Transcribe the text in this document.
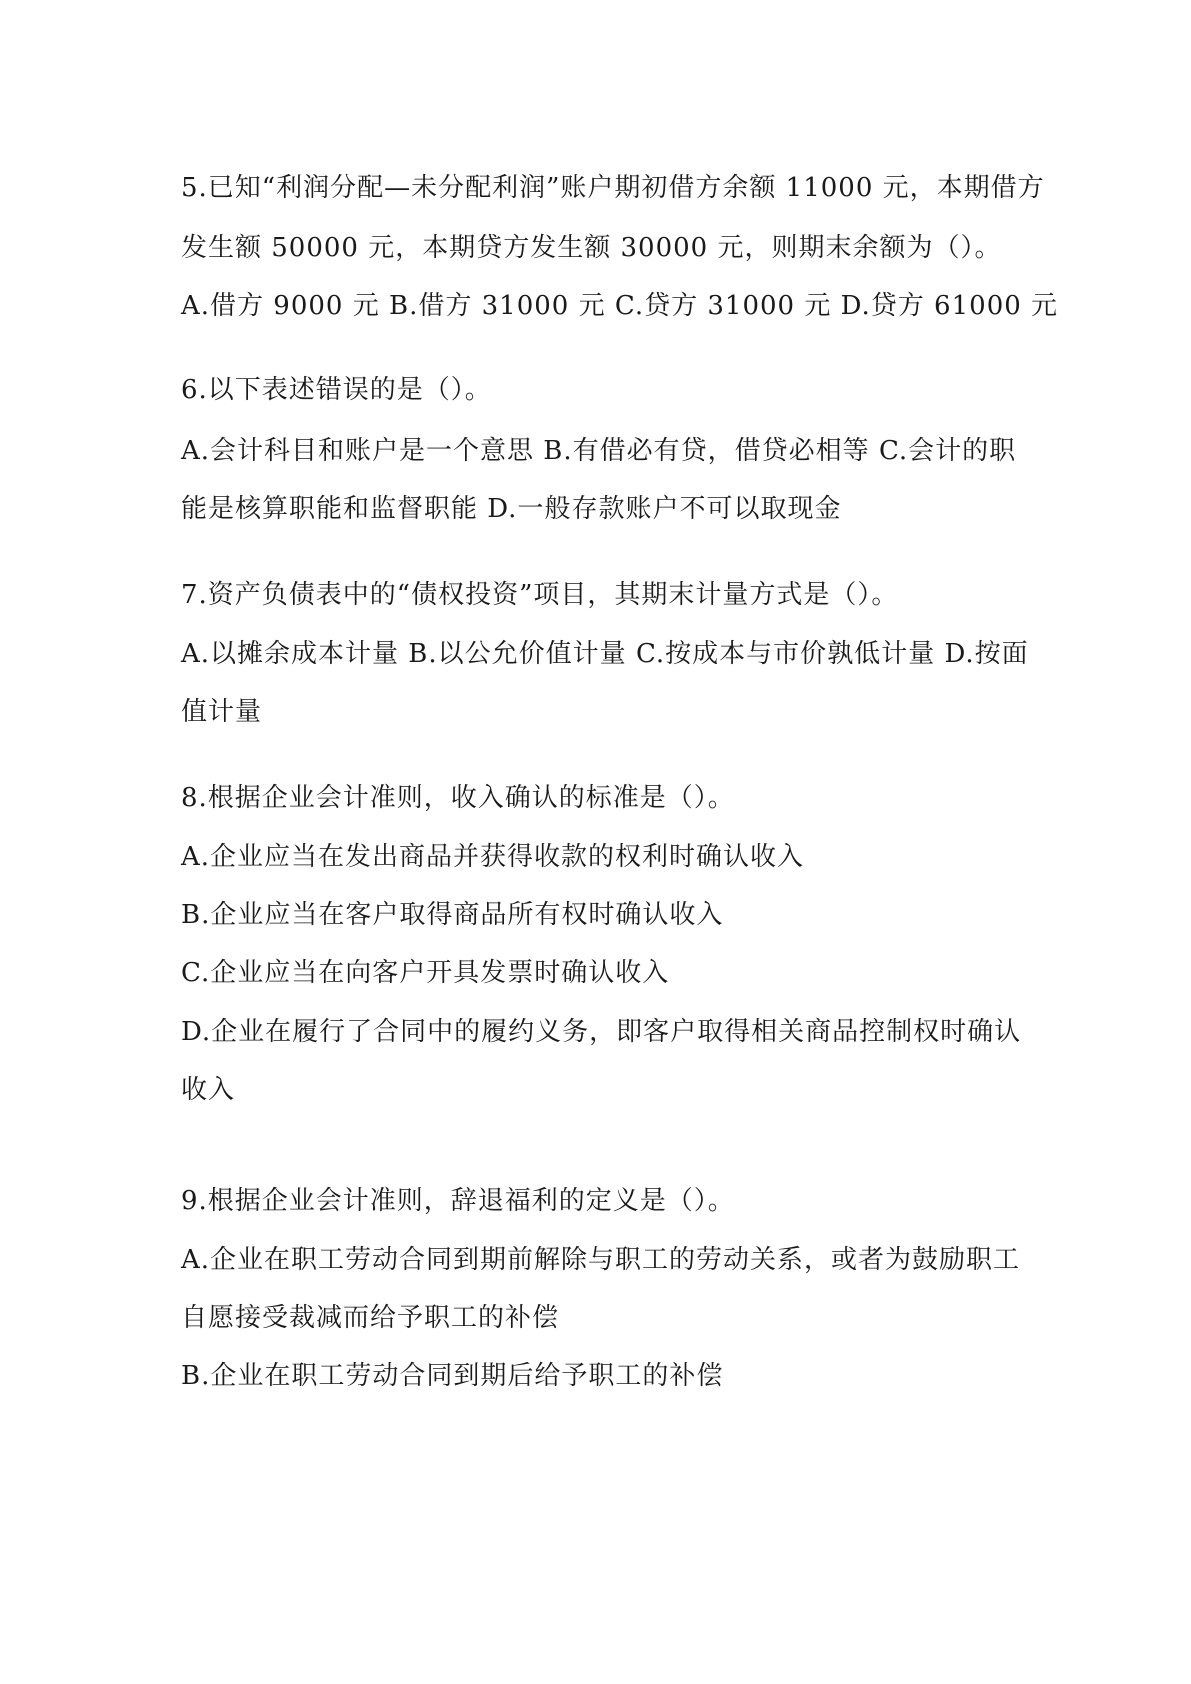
5.已知“利润分配—未分配利润”账户期初借方余额 11000 元，本期借方
发生额 50000 元，本期贷方发生额 30000 元，则期末余额为（）。
A.借方 9000 元 B.借方 31000 元 C.贷方 31000 元 D.贷方 61000 元
6.以下表述错误的是（）。
A.会计科目和账户是一个意思 B.有借必有贷，借贷必相等 C.会计的职
能是核算职能和监督职能 D.一般存款账户不可以取现金
7.资产负债表中的“债权投资”项目，其期末计量方式是（）。
A.以摊余成本计量 B.以公允价值计量 C.按成本与市价孰低计量 D.按面
值计量
8.根据企业会计准则，收入确认的标准是（）。
A.企业应当在发出商品并获得收款的权利时确认收入
B.企业应当在客户取得商品所有权时确认收入
C.企业应当在向客户开具发票时确认收入
D.企业在履行了合同中的履约义务，即客户取得相关商品控制权时确认
收入
9.根据企业会计准则，辞退福利的定义是（）。
A.企业在职工劳动合同到期前解除与职工的劳动关系，或者为鼓励职工
自愿接受裁减而给予职工的补偿
B.企业在职工劳动合同到期后给予职工的补偿
